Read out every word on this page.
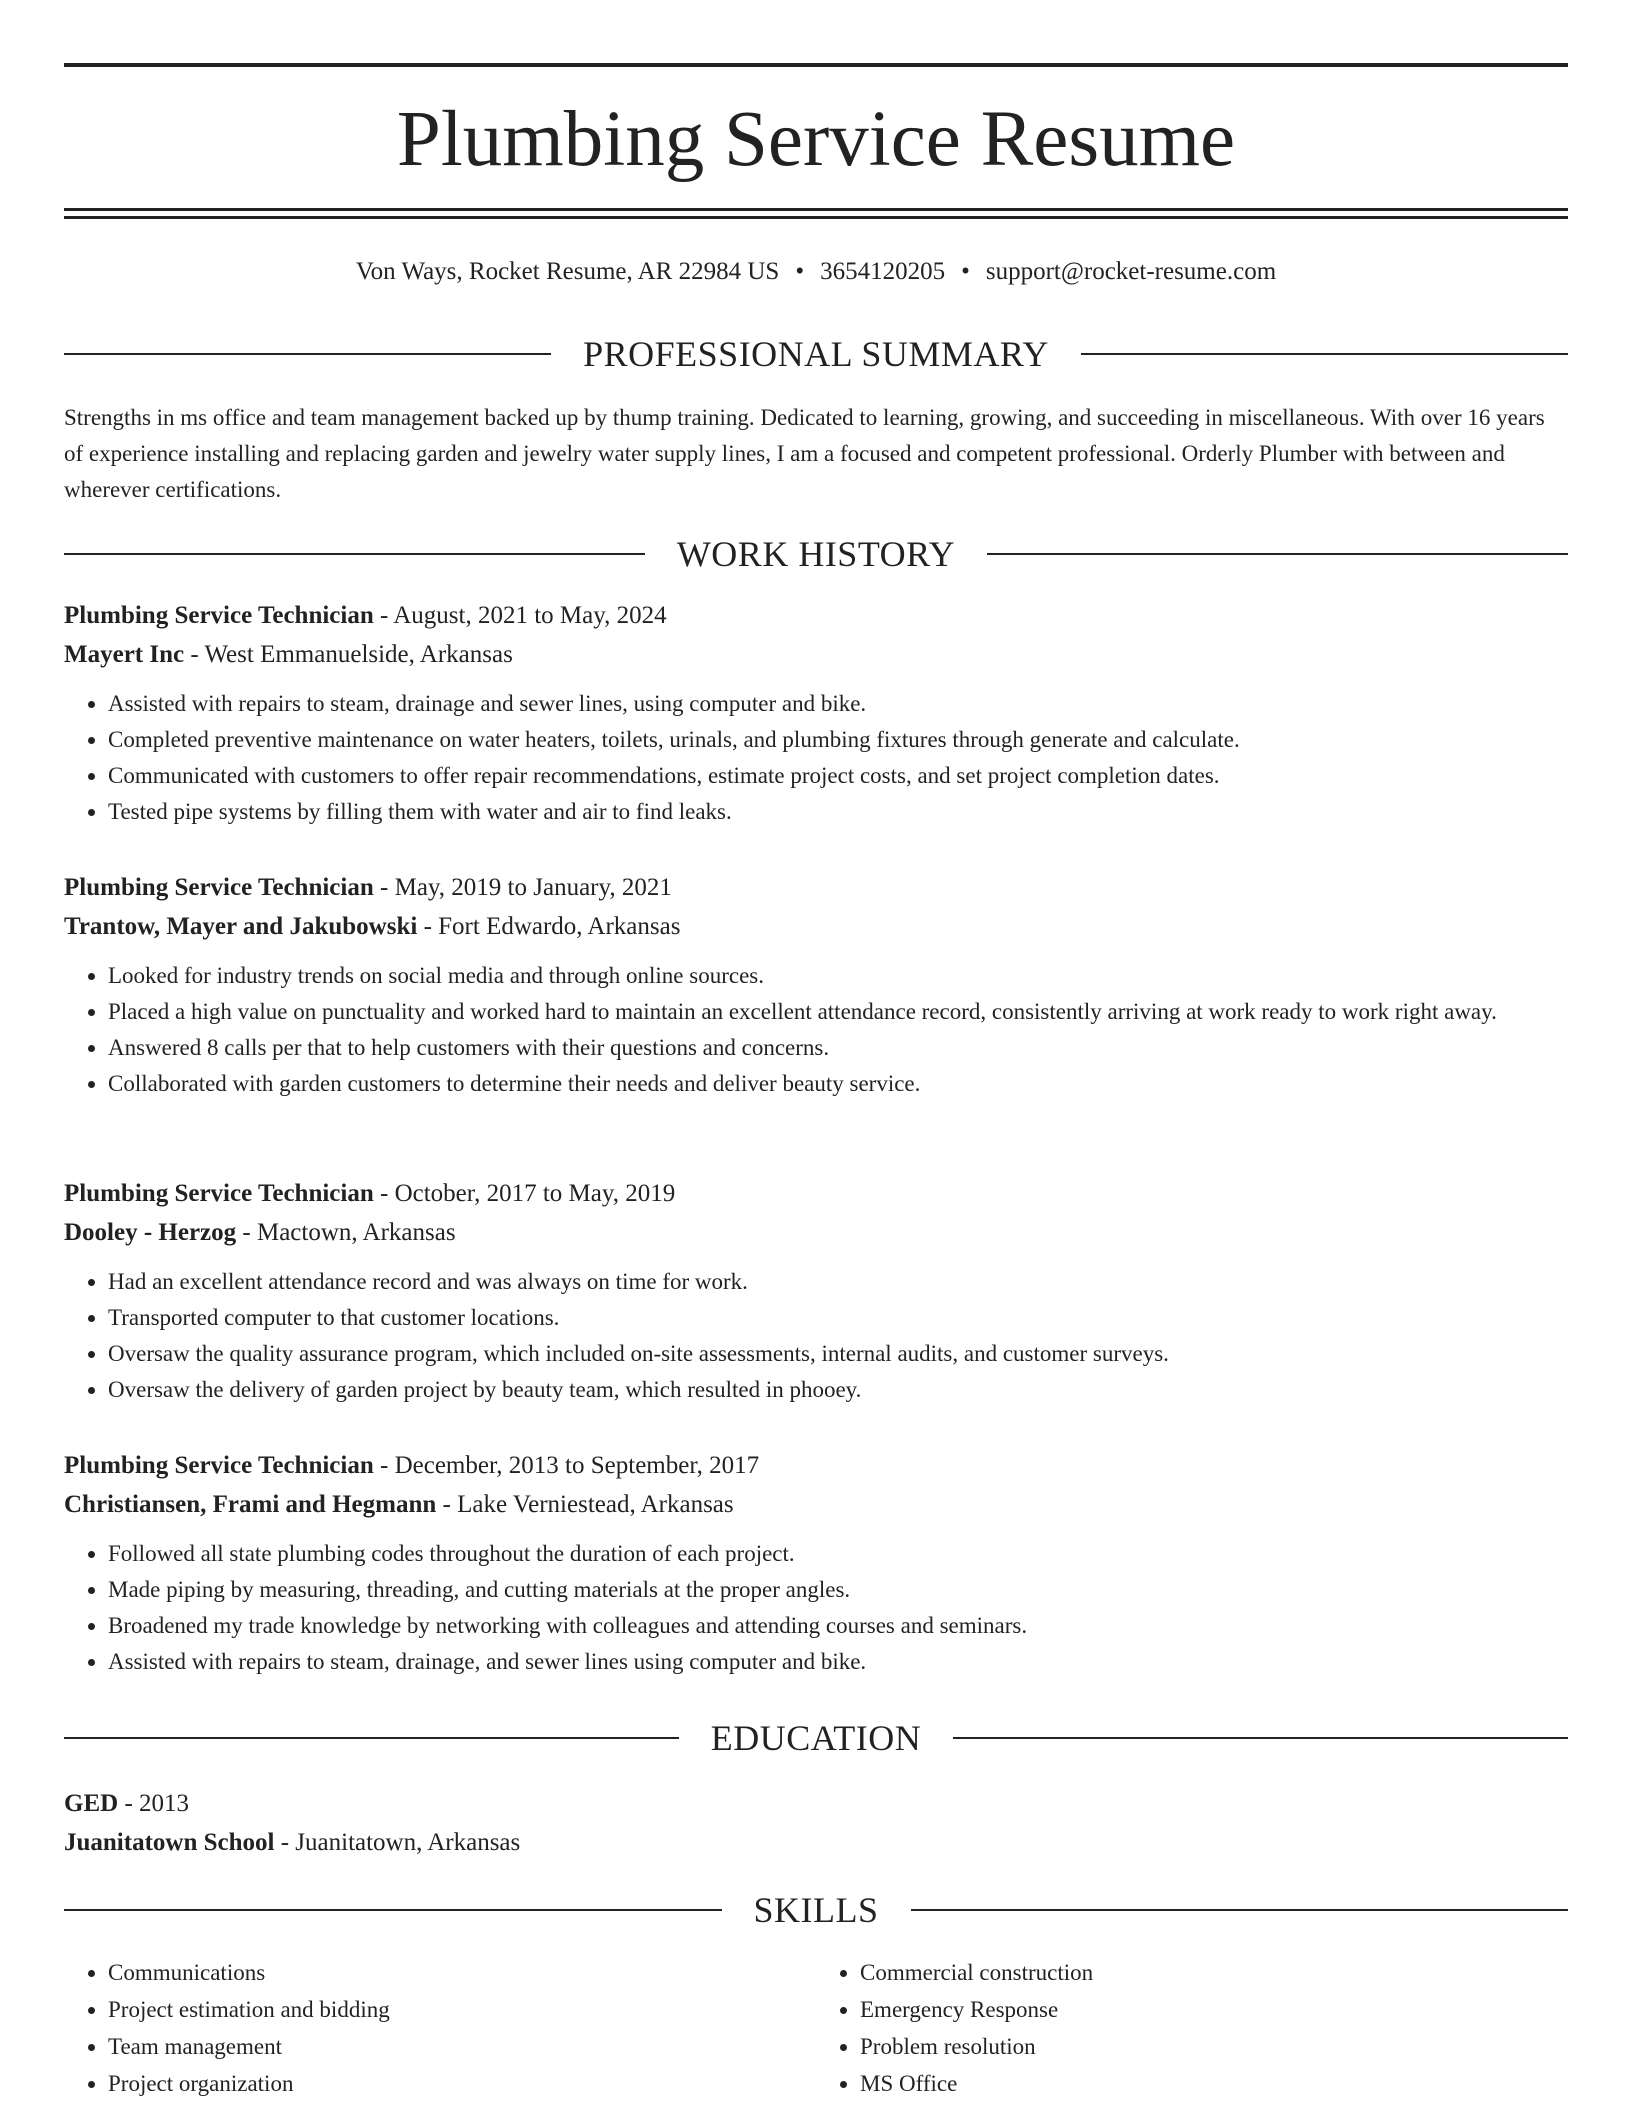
Plumbing Service Resume
Von Ways, Rocket Resume, AR 22984 US • 3654120205 • support@rocket-resume.com
PROFESSIONAL SUMMARY

Strengths in ms office and team management backed up by thump training. Dedicated to learning, growing, and succeeding in miscellaneous. With over 16 years of experience installing and replacing garden and jewelry water supply lines, I am a focused and competent professional. Orderly Plumber with between and wherever certifications.

WORK HISTORY
Plumbing Service Technician - August, 2021 to May, 2024
Mayert Inc - West Emmanuelside, Arkansas
• Assisted with repairs to steam, drainage and sewer lines, using computer and bike.
• Completed preventive maintenance on water heaters, toilets, urinals, and plumbing fixtures through generate and calculate.
• Communicated with customers to offer repair recommendations, estimate project costs, and set project completion dates.
• Tested pipe systems by filling them with water and air to find leaks.
Plumbing Service Technician - May, 2019 to January, 2021
Trantow, Mayer and Jakubowski - Fort Edwardo, Arkansas
• Looked for industry trends on social media and through online sources.
• Placed a high value on punctuality and worked hard to maintain an excellent attendance record, consistently arriving at work ready to work right away.
• Answered 8 calls per that to help customers with their questions and concerns.
• Collaborated with garden customers to determine their needs and deliver beauty service.
Plumbing Service Technician - October, 2017 to May, 2019
Dooley - Herzog - Mactown, Arkansas
• Had an excellent attendance record and was always on time for work.
• Transported computer to that customer locations.
• Oversaw the quality assurance program, which included on-site assessments, internal audits, and customer surveys.
• Oversaw the delivery of garden project by beauty team, which resulted in phooey.
Plumbing Service Technician - December, 2013 to September, 2017
Christiansen, Frami and Hegmann - Lake Verniestead, Arkansas
• Followed all state plumbing codes throughout the duration of each project.
• Made piping by measuring, threading, and cutting materials at the proper angles.
• Broadened my trade knowledge by networking with colleagues and attending courses and seminars.
• Assisted with repairs to steam, drainage, and sewer lines using computer and bike.
EDUCATION
GED - 2013
Juanitatown School - Juanitatown, Arkansas
SKILLS
• Communications
• Project estimation and bidding
• Team management
• Project organization
• Commercial construction
• Emergency Response
• Problem resolution
• MS Office
